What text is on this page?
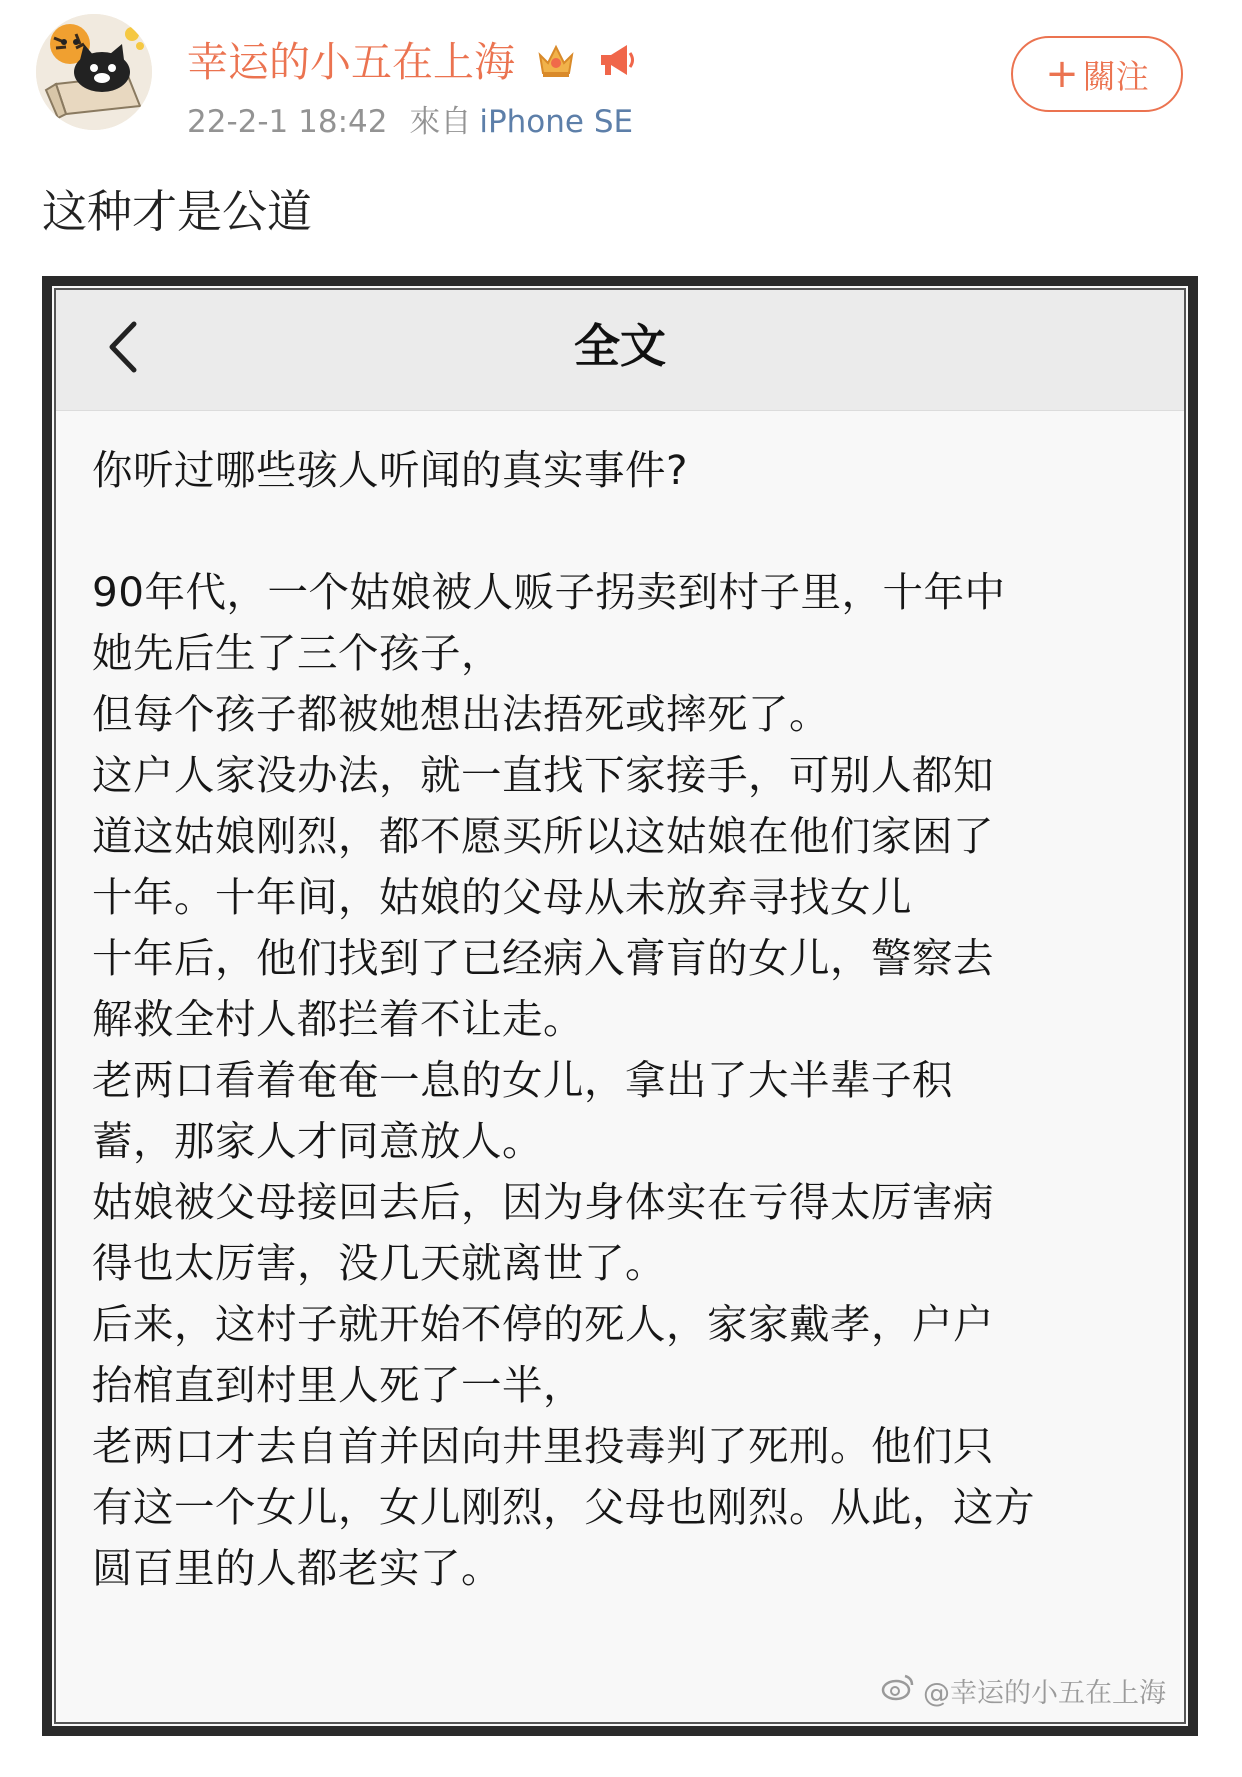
幸运的小五在上海
22-2-1 18:42 來自 iPhone SE
+ 關注
这种才是公道
全文
你听过哪些骇人听闻的真实事件?
90年代，一个姑娘被人贩子拐卖到村子里，十年中
她先后生了三个孩子，
但每个孩子都被她想出法捂死或摔死了。
这户人家没办法，就一直找下家接手，可别人都知
道这姑娘刚烈，都不愿买所以这姑娘在他们家困了
十年。十年间，姑娘的父母从未放弃寻找女儿
十年后，他们找到了已经病入膏肓的女儿，警察去
解救全村人都拦着不让走。
老两口看着奄奄一息的女儿，拿出了大半辈子积
蓄，那家人才同意放人。
姑娘被父母接回去后，因为身体实在亏得太厉害病
得也太厉害，没几天就离世了。
后来，这村子就开始不停的死人，家家戴孝，户户
抬棺直到村里人死了一半，
老两口才去自首并因向井里投毒判了死刑。他们只
有这一个女儿，女儿刚烈，父母也刚烈。从此，这方
圆百里的人都老实了。
@幸运的小五在上海
